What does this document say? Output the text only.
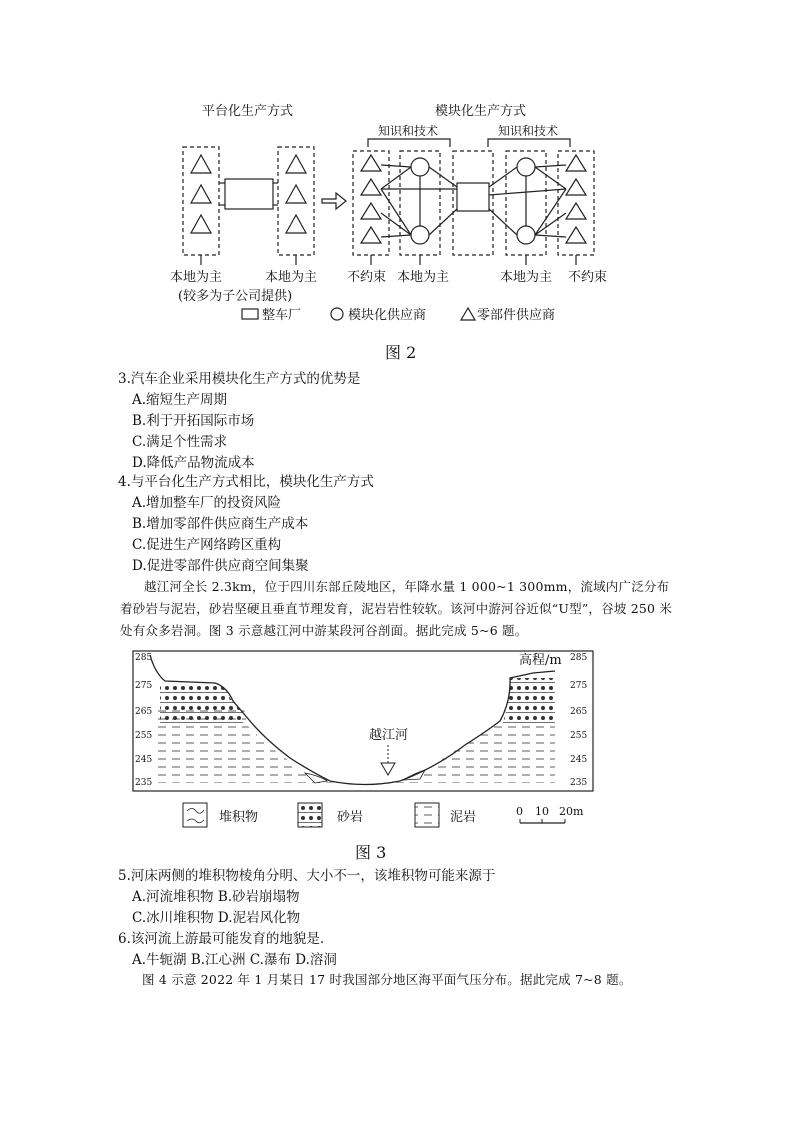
平台化生产方式	模块化生产方式
知识和技术	知识和技术
本地为主	本地为主
(较多为子公司提供)
不约束 本地为主	本地为主 不约束
整车厂	模块化供应商	零部件供应商
图 2
3.汽车企业采用模块化生产方式的优势是
A.缩短生产周期
B.利于开拓国际市场
C.满足个性需求
D.降低产品物流成本
4.与平台化生产方式相比，模块化生产方式
A.增加整车厂的投资风险
B.增加零部件供应商生产成本
C.促进生产网络跨区重构
D.促进零部件供应商空间集聚
越江河全长 2.3km，位于四川东部丘陵地区，年降水量 1 000~1 300mm，流域内广泛分布着砂岩与泥岩，砂岩坚硬且垂直节理发育，泥岩岩性较软。该河中游河谷近似“U型”，谷坡 250 米处有众多岩洞。图 3 示意越江河中游某段河谷剖面。据此完成 5~6 题。
285
275
265
255
245
235
285
275
265
255
245
235
高程/m
越江河
堆积物	砂岩	泥岩	0 10 20m
图 3
5.河床两侧的堆积物棱角分明、大小不一，该堆积物可能来源于
A.河流堆积物 B.砂岩崩塌物
C.冰川堆积物 D.泥岩风化物
6.该河流上游最可能发育的地貌是.
A.牛轭湖 B.江心洲 C.瀑布 D.溶洞
图 4 示意 2022 年 1 月某日 17 时我国部分地区海平面气压分布。据此完成 7~8 题。
